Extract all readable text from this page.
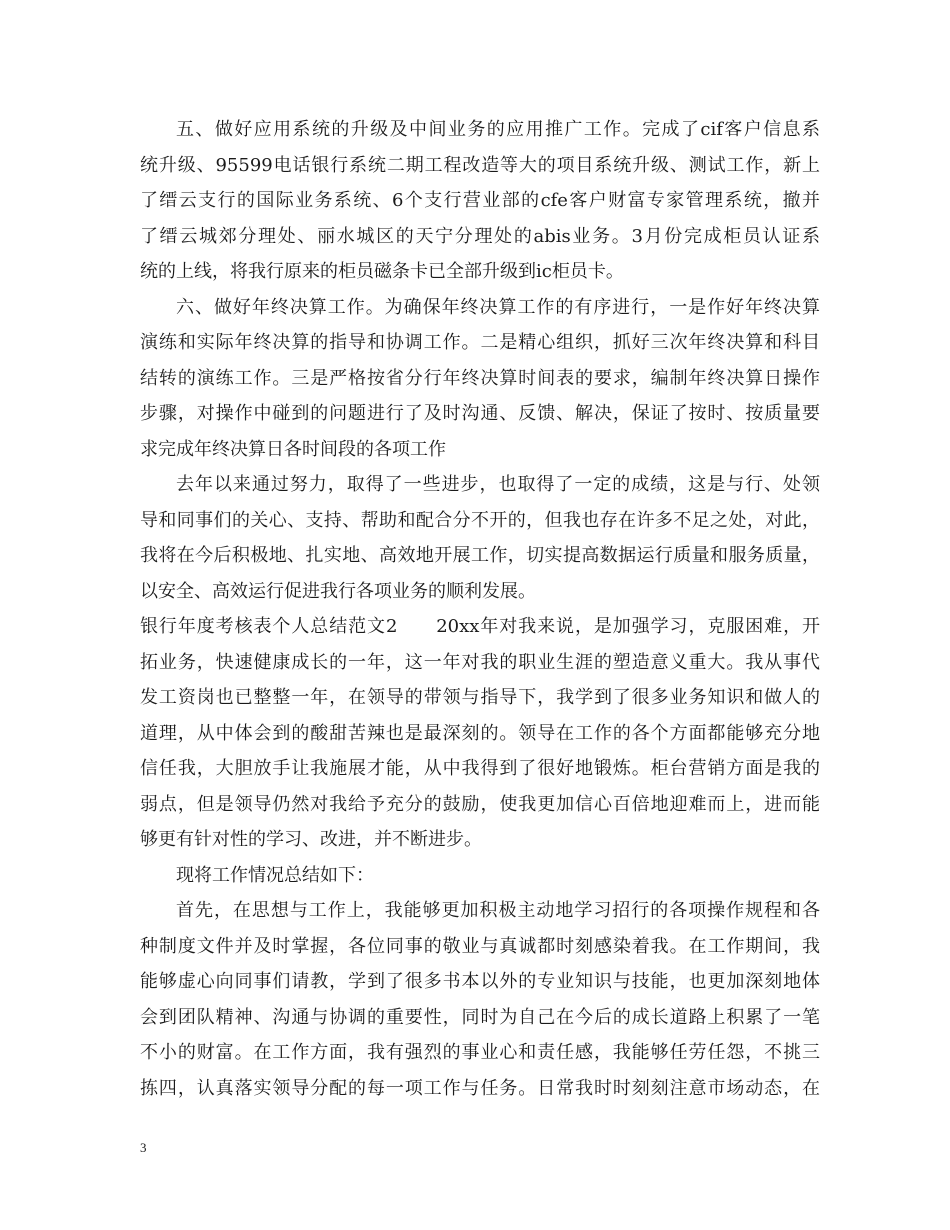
五、做好应用系统的升级及中间业务的应用推广工作。完成了cif客户信息系
统升级、95599电话银行系统二期工程改造等大的项目系统升级、测试工作，新上
了缙云支行的国际业务系统、6个支行营业部的cfe客户财富专家管理系统，撤并
了缙云城郊分理处、丽水城区的天宁分理处的abis业务。3月份完成柜员认证系
统的上线，将我行原来的柜员磁条卡已全部升级到ic柜员卡。
六、做好年终决算工作。为确保年终决算工作的有序进行，一是作好年终决算
演练和实际年终决算的指导和协调工作。二是精心组织，抓好三次年终决算和科目
结转的演练工作。三是严格按省分行年终决算时间表的要求，编制年终决算日操作
步骤，对操作中碰到的问题进行了及时沟通、反馈、解决，保证了按时、按质量要
求完成年终决算日各时间段的各项工作
去年以来通过努力，取得了一些进步，也取得了一定的成绩，这是与行、处领
导和同事们的关心、支持、帮助和配合分不开的，但我也存在许多不足之处，对此，
我将在今后积极地、扎实地、高效地开展工作，切实提高数据运行质量和服务质量，
以安全、高效运行促进我行各项业务的顺利发展。
银行年度考核表个人总结范文2　　20xx年对我来说，是加强学习，克服困难，开
拓业务，快速健康成长的一年，这一年对我的职业生涯的塑造意义重大。我从事代
发工资岗也已整整一年，在领导的带领与指导下，我学到了很多业务知识和做人的
道理，从中体会到的酸甜苦辣也是最深刻的。领导在工作的各个方面都能够充分地
信任我，大胆放手让我施展才能，从中我得到了很好地锻炼。柜台营销方面是我的
弱点，但是领导仍然对我给予充分的鼓励，使我更加信心百倍地迎难而上，进而能
够更有针对性的学习、改进，并不断进步。
现将工作情况总结如下：
首先，在思想与工作上，我能够更加积极主动地学习招行的各项操作规程和各
种制度文件并及时掌握，各位同事的敬业与真诚都时刻感染着我。在工作期间，我
能够虚心向同事们请教，学到了很多书本以外的专业知识与技能，也更加深刻地体
会到团队精神、沟通与协调的重要性，同时为自己在今后的成长道路上积累了一笔
不小的财富。在工作方面，我有强烈的事业心和责任感，我能够任劳任怨，不挑三
拣四，认真落实领导分配的每一项工作与任务。日常我时时刻刻注意市场动态，在
3
